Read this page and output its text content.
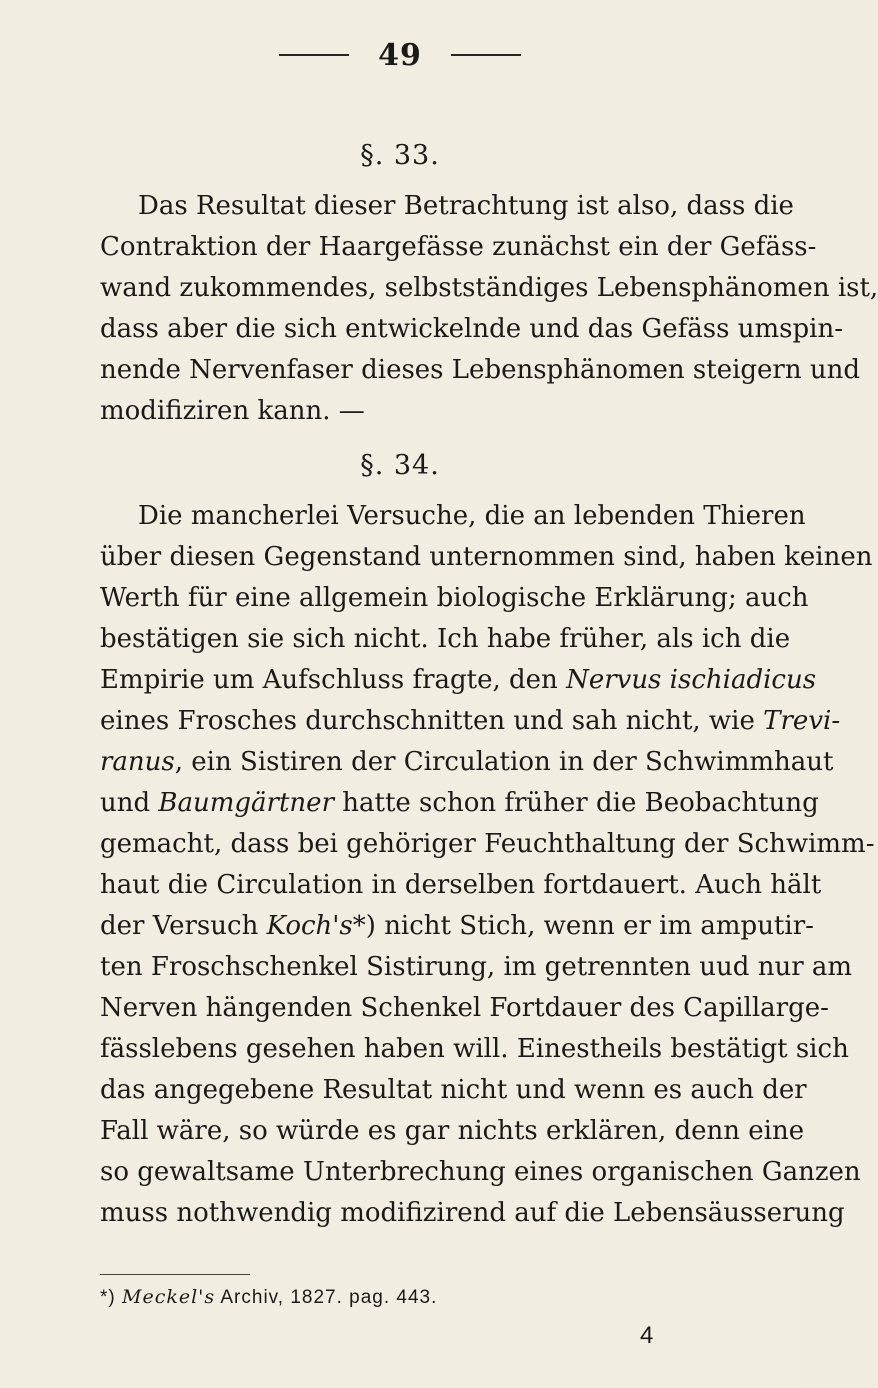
49
§. 33.
Das Resultat dieser Betrachtung ist also, dass die
Contraktion der Haargefässe zunächst ein der Gefäss-
wand zukommendes, selbstständiges Lebensphänomen ist,
dass aber die sich entwickelnde und das Gefäss umspin-
nende Nervenfaser dieses Lebensphänomen steigern und
modifiziren kann. —
§. 34.
Die mancherlei Versuche, die an lebenden Thieren
über diesen Gegenstand unternommen sind, haben keinen
Werth für eine allgemein biologische Erklärung; auch
bestätigen sie sich nicht. Ich habe früher, als ich die
Empirie um Aufschluss fragte, den Nervus ischiadicus
eines Frosches durchschnitten und sah nicht, wie Trevi-
ranus, ein Sistiren der Circulation in der Schwimmhaut
und Baumgärtner hatte schon früher die Beobachtung
gemacht, dass bei gehöriger Feuchthaltung der Schwimm-
haut die Circulation in derselben fortdauert. Auch hält
der Versuch Koch's*) nicht Stich, wenn er im amputir-
ten Froschschenkel Sistirung, im getrennten uud nur am
Nerven hängenden Schenkel Fortdauer des Capillarge-
fässlebens gesehen haben will. Einestheils bestätigt sich
das angegebene Resultat nicht und wenn es auch der
Fall wäre, so würde es gar nichts erklären, denn eine
so gewaltsame Unterbrechung eines organischen Ganzen
muss nothwendig modifizirend auf die Lebensäusserung
*) Meckel's Archiv, 1827. pag. 443.
4
